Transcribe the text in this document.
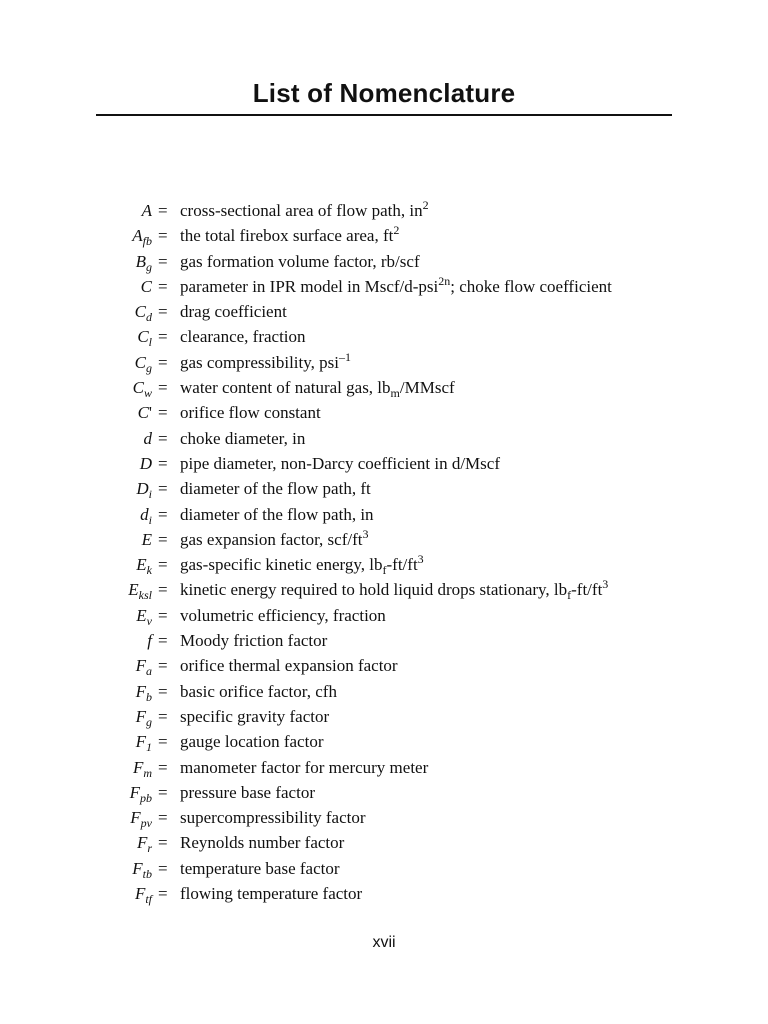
List of Nomenclature
A = cross-sectional area of flow path, $in^2$
$A_{fb}$ = the total firebox surface area, $ft^2$
$B_g$ = gas formation volume factor, rb/scf
C = parameter in IPR model in Mscf/d-psi$^{2n}$; choke flow coefficient
$C_d$ = drag coefficient
$C_l$ = clearance, fraction
$C_g$ = gas compressibility, psi$^{-1}$
$C_w$ = water content of natural gas, $lb_m$/MMscf
C' = orifice flow constant
d = choke diameter, in
D = pipe diameter, non-Darcy coefficient in d/Mscf
$D_i$ = diameter of the flow path, ft
$d_i$ = diameter of the flow path, in
E = gas expansion factor, scf/$ft^3$
$E_k$ = gas-specific kinetic energy, $lb_f-ft/ft^3$
$E_{ksl}$ = kinetic energy required to hold liquid drops stationary, $lb_f-ft/ft^3$
$E_v$ = volumetric efficiency, fraction
f = Moody friction factor
$F_a$ = orifice thermal expansion factor
$F_b$ = basic orifice factor, cfh
$F_g$ = specific gravity factor
$F_1$ = gauge location factor
$F_m$ = manometer factor for mercury meter
$F_{pb}$ = pressure base factor
$F_{pv}$ = supercompressibility factor
$F_r$ = Reynolds number factor
$F_{tb}$ = temperature base factor
$F_{tf}$ = flowing temperature factor
xvii
